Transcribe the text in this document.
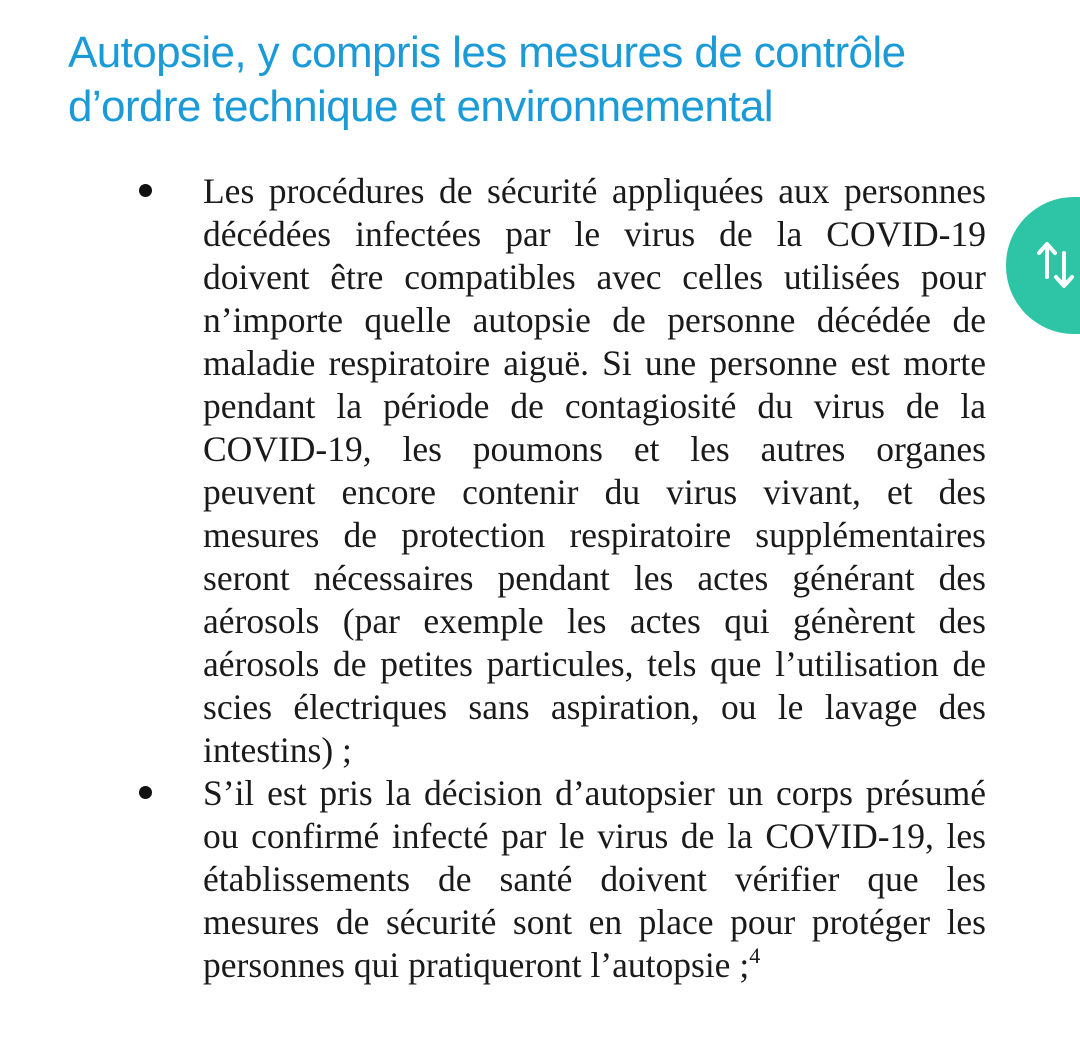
Autopsie, y compris les mesures de contrôle
d’ordre technique et environnemental
Les procédures de sécurité appliquées aux personnes
décédées infectées par le virus de la COVID-19
doivent être compatibles avec celles utilisées pour
n’importe quelle autopsie de personne décédée de
maladie respiratoire aiguë. Si une personne est morte
pendant la période de contagiosité du virus de la
COVID-19, les poumons et les autres organes
peuvent encore contenir du virus vivant, et des
mesures de protection respiratoire supplémentaires
seront nécessaires pendant les actes générant des
aérosols (par exemple les actes qui génèrent des
aérosols de petites particules, tels que l’utilisation de
scies électriques sans aspiration, ou le lavage des
intestins) ;
S’il est pris la décision d’autopsier un corps présumé
ou confirmé infecté par le virus de la COVID-19, les
établissements de santé doivent vérifier que les
mesures de sécurité sont en place pour protéger les
personnes qui pratiqueront l’autopsie ;$^4$
